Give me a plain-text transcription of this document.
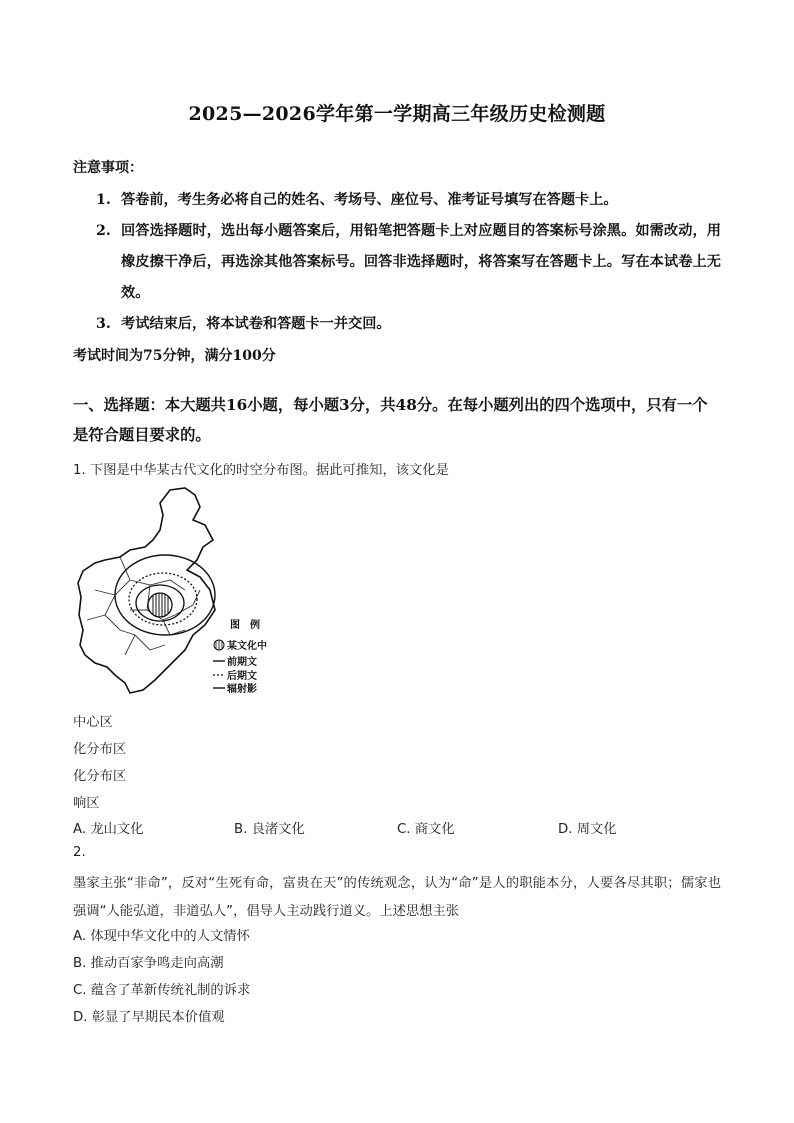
2025—2026学年第一学期高三年级历史检测题
注意事项：
1. 答卷前，考生务必将自己的姓名、考场号、座位号、准考证号填写在答题卡上。
2. 回答选择题时，选出每小题答案后，用铅笔把答题卡上对应题目的答案标号涂黑。如需改动，用橡皮擦干净后，再选涂其他答案标号。回答非选择题时，将答案写在答题卡上。写在本试卷上无效。
3. 考试结束后，将本试卷和答题卡一并交回。
考试时间为75分钟，满分100分
一、选择题：本大题共16小题，每小题3分，共48分。在每小题列出的四个选项中，只有一个是符合题目要求的。
1. 下图是中华某古代文化的时空分布图。据此可推知，该文化是
图　例
某文化中
前期文
后期文
辐射影
中心区
化分布区
化分布区
响区
A. 龙山文化	B. 良渚文化	C. 商文化	D. 周文化
2.
墨家主张“非命”，反对“生死有命，富贵在天”的传统观念，认为“命”是人的职能本分，人要各尽其职；儒家也强调“人能弘道，非道弘人”，倡导人主动践行道义。上述思想主张
A. 体现中华文化中的人文情怀
B. 推动百家争鸣走向高潮
C. 蕴含了革新传统礼制的诉求
D. 彰显了早期民本价值观
